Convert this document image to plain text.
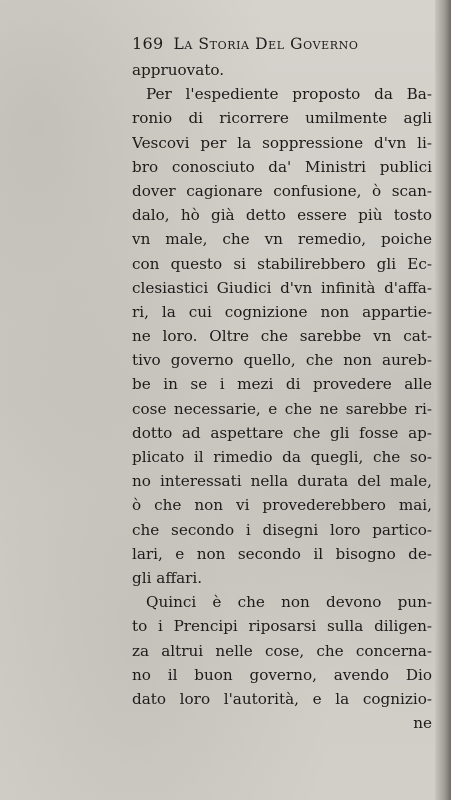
169 La Storia Del Governo
appruovato.
Per l'espediente proposto da Ba-
ronio di ricorrere umilmente agli
Vescovi per la soppressione d'vn li-
bro conosciuto da' Ministri publici
dover cagionare confusione, ò scan-
dalo, hò già detto essere più tosto
vn male, che vn remedio, poiche
con questo si stabilirebbero gli Ec-
clesiastici Giudici d'vn infinità d'affa-
ri, la cui cognizione non appartie-
ne loro. Oltre che sarebbe vn cat-
tivo governo quello, che non aureb-
be in se i mezi di provedere alle
cose necessarie, e che ne sarebbe ri-
dotto ad aspettare che gli fosse ap-
plicato il rimedio da quegli, che so-
no interessati nella durata del male,
ò che non vi provederebbero mai,
che secondo i disegni loro partico-
lari, e non secondo il bisogno de-
gli affari.
Quinci è che non devono pun-
to i Prencipi riposarsi sulla diligen-
za altrui nelle cose, che concerna-
no il buon governo, avendo Dio
dato loro l'autorità, e la cognizio-
ne
